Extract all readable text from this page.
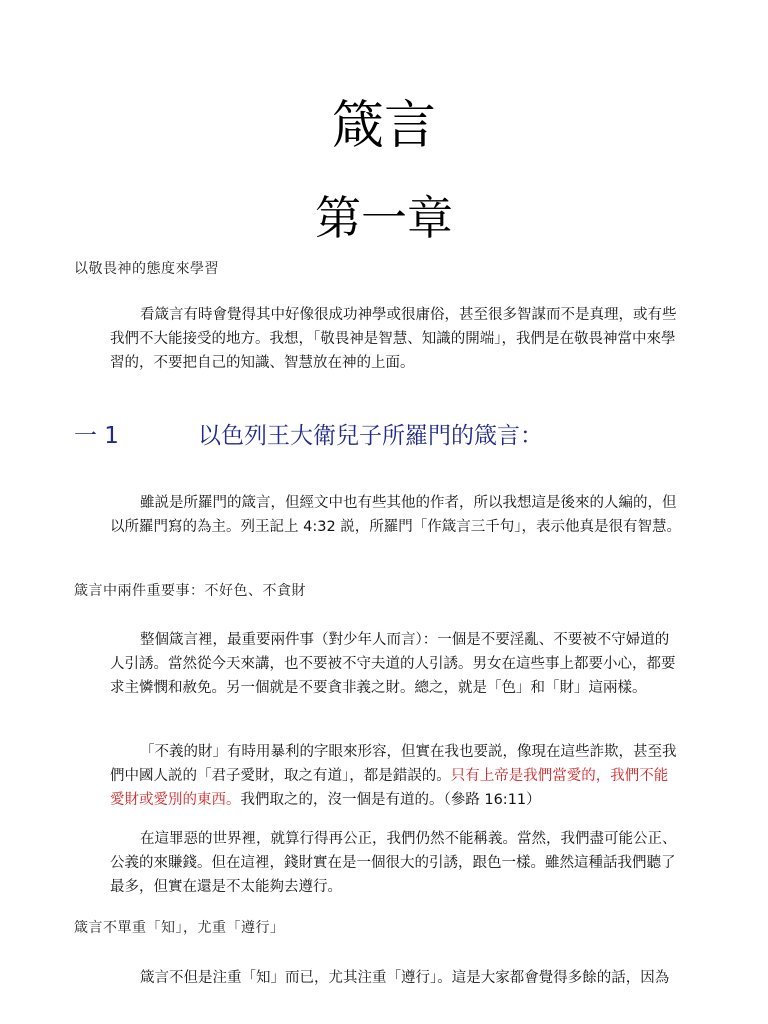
箴言
第一章
以敬畏神的態度來學習

看箴言有時會覺得其中好像很成功神學或很庸俗，甚至很多智謀而不是真理，或有些我們不大能接受的地方。我想，「敬畏神是智慧、知識的開端」，我們是在敬畏神當中來學習的，不要把自己的知識、智慧放在神的上面。

一 1	以色列王大衛兒子所羅門的箴言：

雖説是所羅門的箴言，但經文中也有些其他的作者，所以我想這是後來的人編的，但以所羅門寫的為主。列王記上 4:32 説，所羅門「作箴言三千句」，表示他真是很有智慧。

箴言中兩件重要事：不好色、不貪財

整個箴言裡，最重要兩件事（對少年人而言）：一個是不要淫亂、不要被不守婦道的人引誘。當然從今天來講，也不要被不守夫道的人引誘。男女在這些事上都要小心，都要求主憐憫和赦免。另一個就是不要貪非義之財。總之，就是「色」和「財」這兩樣。

「不義的財」有時用暴利的字眼來形容，但實在我也要説，像現在這些詐欺，甚至我們中國人説的「君子愛財，取之有道」，都是錯誤的。只有上帝是我們當愛的，我們不能愛財或愛別的東西。我們取之的，沒一個是有道的。（參路 16:11）

在這罪惡的世界裡，就算行得再公正，我們仍然不能稱義。當然，我們盡可能公正、公義的來賺錢。但在這裡，錢財實在是一個很大的引誘，跟色一樣。雖然這種話我們聽了最多，但實在還是不太能夠去遵行。

箴言不單重「知」，尤重「遵行」

箴言不但是注重「知」而已，尤其注重「遵行」。這是大家都會覺得多餘的話，因為
